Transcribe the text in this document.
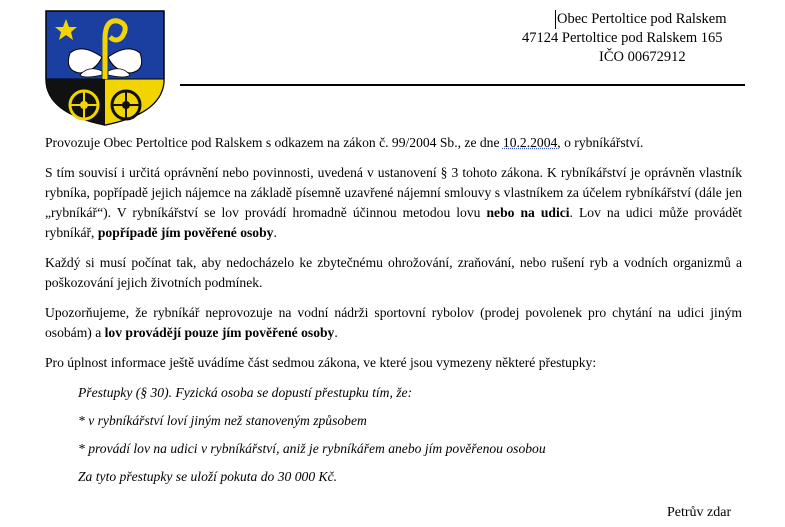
Obec Pertoltice pod Ralskem
47124 Pertoltice pod Ralskem 165
IČO 00672912

Provozuje Obec Pertoltice pod Ralskem s odkazem na zákon č. 99/2004 Sb., ze dne 10.2.2004, o rybníkářství.

S tím souvisí i určitá oprávnění nebo povinnosti, uvedená v ustanovení § 3 tohoto zákona. K rybníkářství je oprávněn vlastník rybníka, popřípadě jejich nájemce na základě písemně uzavřené nájemní smlouvy s vlastníkem za účelem rybníkářství (dále jen „rybníkář“). V rybníkářství se lov provádí hromadně účinnou metodou lovu nebo na udici. Lov na udici může provádět rybníkář, popřípadě jím pověřené osoby.

Každý si musí počínat tak, aby nedocházelo ke zbytečnému ohrožování, zraňování, nebo rušení ryb a vodních organizmů a poškozování jejich životních podmínek.

Upozorňujeme, že rybníkář neprovozuje na vodní nádrži sportovní rybolov (prodej povolenek pro chytání na udici jiným osobám) a lov provádějí pouze jím pověřené osoby.

Pro úplnost informace ještě uvádíme část sedmou zákona, ve které jsou vymezeny některé přestupky:

Přestupky (§ 30). Fyzická osoba se dopustí přestupku tím, že:

* v rybníkářství loví jiným než stanoveným způsobem

* provádí lov na udici v rybníkářství, aniž je rybníkářem anebo jím pověřenou osobou

Za tyto přestupky se uloží pokuta do 30 000 Kč.

Petrův zdar
